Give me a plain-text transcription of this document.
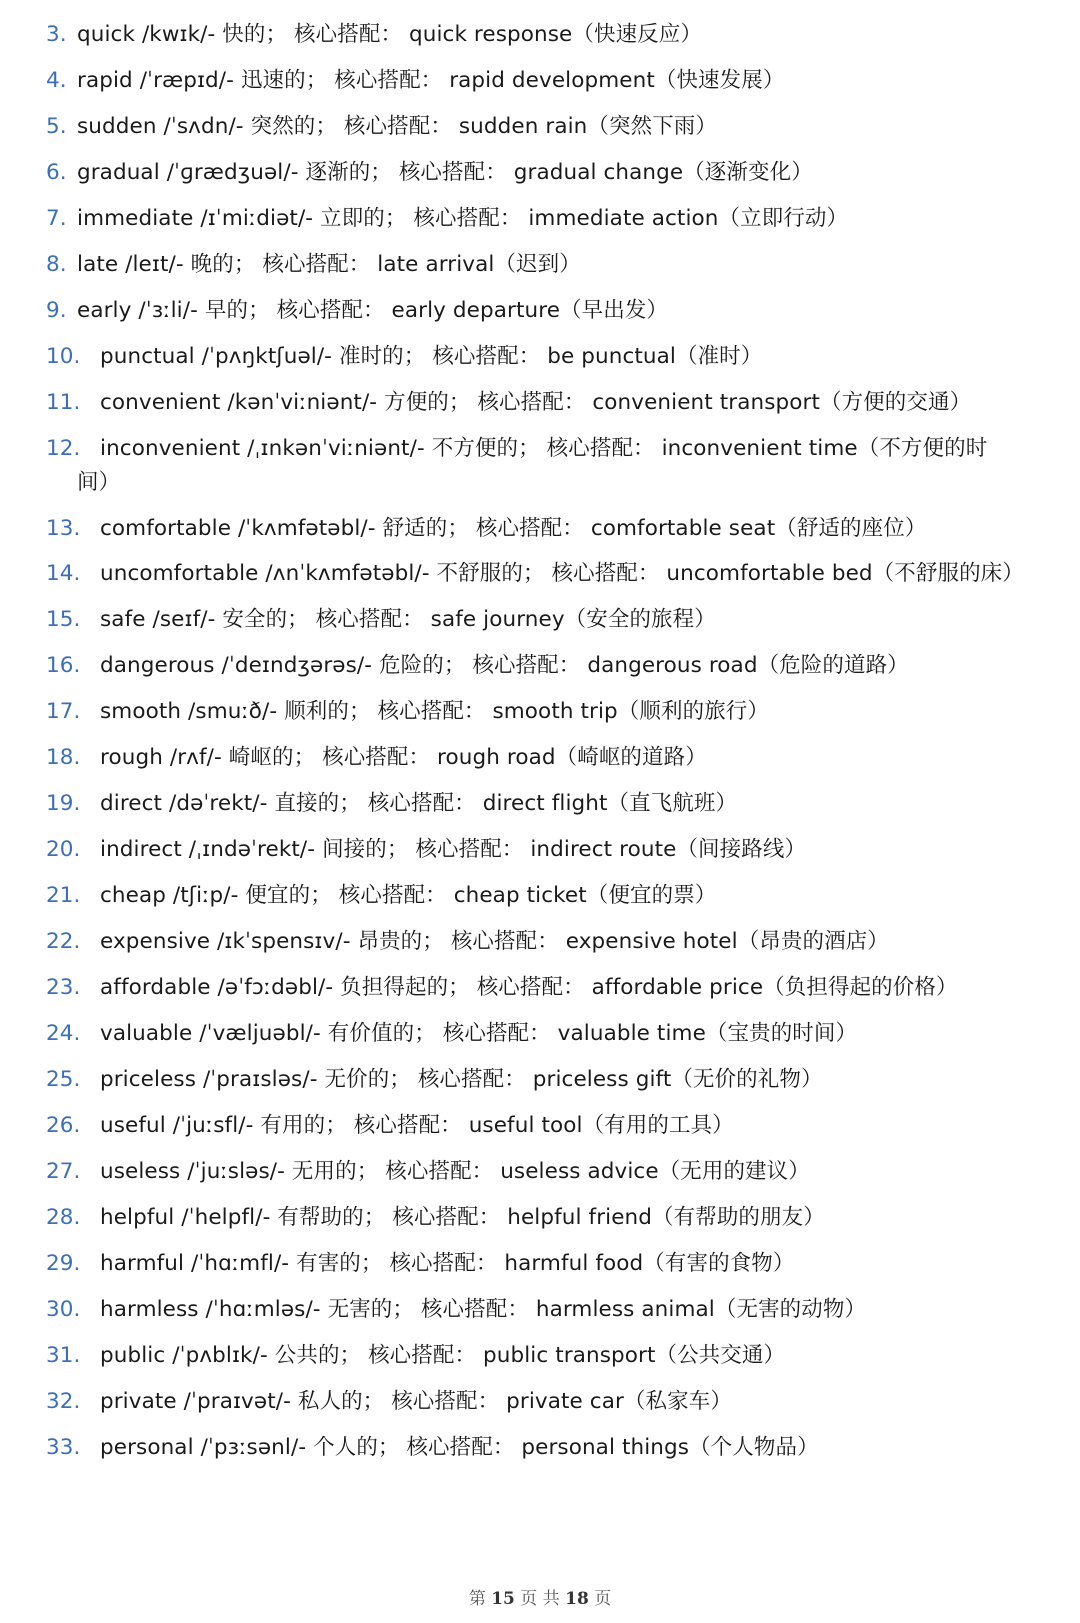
3. quick /kwɪk/- 快的； 核心搭配： quick response（快速反应）
4. rapid /ˈræpɪd/- 迅速的； 核心搭配： rapid development（快速发展）
5. sudden /ˈsʌdn/- 突然的； 核心搭配： sudden rain（突然下雨）
6. gradual /ˈɡrædʒuəl/- 逐渐的； 核心搭配： gradual change（逐渐变化）
7. immediate /ɪˈmiːdiət/- 立即的； 核心搭配： immediate action（立即行动）
8. late /leɪt/- 晚的； 核心搭配： late arrival（迟到）
9. early /ˈɜːli/- 早的； 核心搭配： early departure（早出发）
10. punctual /ˈpʌŋktʃuəl/- 准时的； 核心搭配： be punctual（准时）
11. convenient /kənˈviːniənt/- 方便的； 核心搭配： convenient transport（方便的交通）
12. inconvenient /ˌɪnkənˈviːniənt/- 不方便的； 核心搭配： inconvenient time（不方便的时
间）
13. comfortable /ˈkʌmfətəbl/- 舒适的； 核心搭配： comfortable seat（舒适的座位）
14. uncomfortable /ʌnˈkʌmfətəbl/- 不舒服的； 核心搭配： uncomfortable bed（不舒服的床）
15. safe /seɪf/- 安全的； 核心搭配： safe journey（安全的旅程）
16. dangerous /ˈdeɪndʒərəs/- 危险的； 核心搭配： dangerous road（危险的道路）
17. smooth /smuːð/- 顺利的； 核心搭配： smooth trip（顺利的旅行）
18. rough /rʌf/- 崎岖的； 核心搭配： rough road（崎岖的道路）
19. direct /dəˈrekt/- 直接的； 核心搭配： direct flight（直飞航班）
20. indirect /ˌɪndəˈrekt/- 间接的； 核心搭配： indirect route（间接路线）
21. cheap /tʃiːp/- 便宜的； 核心搭配： cheap ticket（便宜的票）
22. expensive /ɪkˈspensɪv/- 昂贵的； 核心搭配： expensive hotel（昂贵的酒店）
23. affordable /əˈfɔːdəbl/- 负担得起的； 核心搭配： affordable price（负担得起的价格）
24. valuable /ˈvæljuəbl/- 有价值的； 核心搭配： valuable time（宝贵的时间）
25. priceless /ˈpraɪsləs/- 无价的； 核心搭配： priceless gift（无价的礼物）
26. useful /ˈjuːsfl/- 有用的； 核心搭配： useful tool（有用的工具）
27. useless /ˈjuːsləs/- 无用的； 核心搭配： useless advice（无用的建议）
28. helpful /ˈhelpfl/- 有帮助的； 核心搭配： helpful friend（有帮助的朋友）
29. harmful /ˈhɑːmfl/- 有害的； 核心搭配： harmful food（有害的食物）
30. harmless /ˈhɑːmləs/- 无害的； 核心搭配： harmless animal（无害的动物）
31. public /ˈpʌblɪk/- 公共的； 核心搭配： public transport（公共交通）
32. private /ˈpraɪvət/- 私人的； 核心搭配： private car（私家车）
33. personal /ˈpɜːsənl/- 个人的； 核心搭配： personal things（个人物品）
第 15 页 共 18 页
